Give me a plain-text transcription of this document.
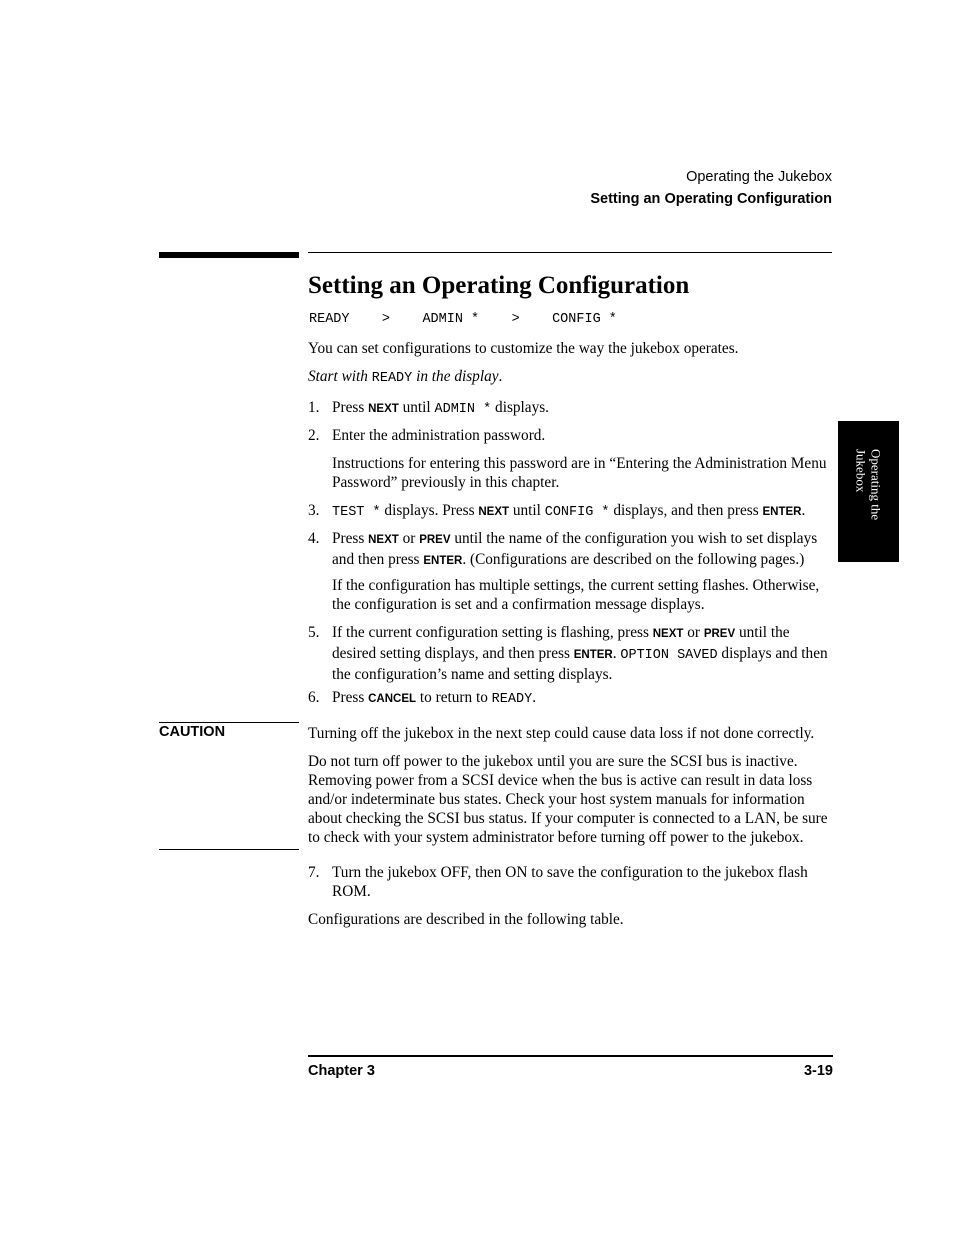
Operating the Jukebox
Setting an Operating Configuration
Setting an Operating Configuration
READY > ADMIN * > CONFIG *

You can set configurations to customize the way the jukebox operates.

Start with READY in the display.

1. Press NEXT until ADMIN * displays.

2. Enter the administration password.

Instructions for entering this password are in “Entering the Administration Menu Password” previously in this chapter.

3. TEST * displays. Press NEXT until CONFIG * displays, and then press ENTER.

4. Press NEXT or PREV until the name of the configuration you wish to set displays and then press ENTER. (Configurations are described on the following pages.)

If the configuration has multiple settings, the current setting flashes. Otherwise, the configuration is set and a confirmation message displays.

5. If the current configuration setting is flashing, press NEXT or PREV until the desired setting displays, and then press ENTER. OPTION SAVED displays and then the configuration’s name and setting displays.

6. Press CANCEL to return to READY.

CAUTION	Turning off the jukebox in the next step could cause data loss if not done correctly.

Do not turn off power to the jukebox until you are sure the SCSI bus is inactive. Removing power from a SCSI device when the bus is active can result in data loss and/or indeterminate bus states. Check your host system manuals for information about checking the SCSI bus status. If your computer is connected to a LAN, be sure to check with your system administrator before turning off power to the jukebox.

7. Turn the jukebox OFF, then ON to save the configuration to the jukebox flash ROM.

Configurations are described in the following table.

Operating the Jukebox
Chapter 3	3-19
